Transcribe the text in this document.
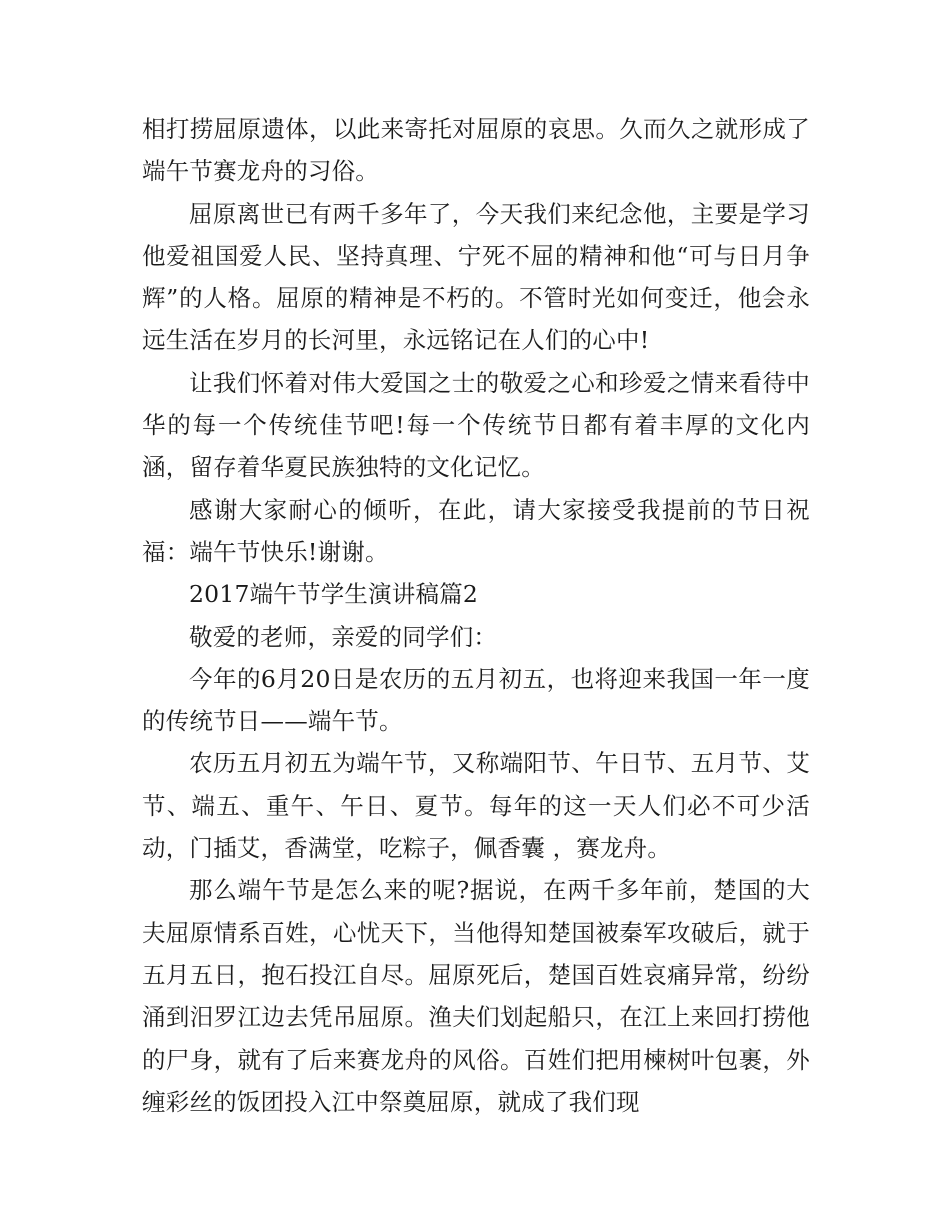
相打捞屈原遗体，以此来寄托对屈原的哀思。久而久之就形成了端午节赛龙舟的习俗。

屈原离世已有两千多年了，今天我们来纪念他，主要是学习他爱祖国爱人民、坚持真理、宁死不屈的精神和他“可与日月争辉”的人格。屈原的精神是不朽的。不管时光如何变迁，他会永远生活在岁月的长河里，永远铭记在人们的心中!

让我们怀着对伟大爱国之士的敬爱之心和珍爱之情来看待中华的每一个传统佳节吧!每一个传统节日都有着丰厚的文化内涵，留存着华夏民族独特的文化记忆。

感谢大家耐心的倾听，在此，请大家接受我提前的节日祝福：端午节快乐!谢谢。

2017端午节学生演讲稿篇2

敬爱的老师，亲爱的同学们：

今年的6月20日是农历的五月初五，也将迎来我国一年一度的传统节日——端午节。

农历五月初五为端午节，又称端阳节、午日节、五月节、艾节、端五、重午、午日、夏节。每年的这一天人们必不可少活动，门插艾，香满堂，吃粽子，佩香囊 ，赛龙舟。

那么端午节是怎么来的呢?据说，在两千多年前，楚国的大夫屈原情系百姓，心忧天下，当他得知楚国被秦军攻破后，就于五月五日，抱石投江自尽。屈原死后，楚国百姓哀痛异常，纷纷涌到汨罗江边去凭吊屈原。渔夫们划起船只，在江上来回打捞他的尸身，就有了后来赛龙舟的风俗。百姓们把用楝树叶包裹，外缠彩丝的饭团投入江中祭奠屈原，就成了我们现
